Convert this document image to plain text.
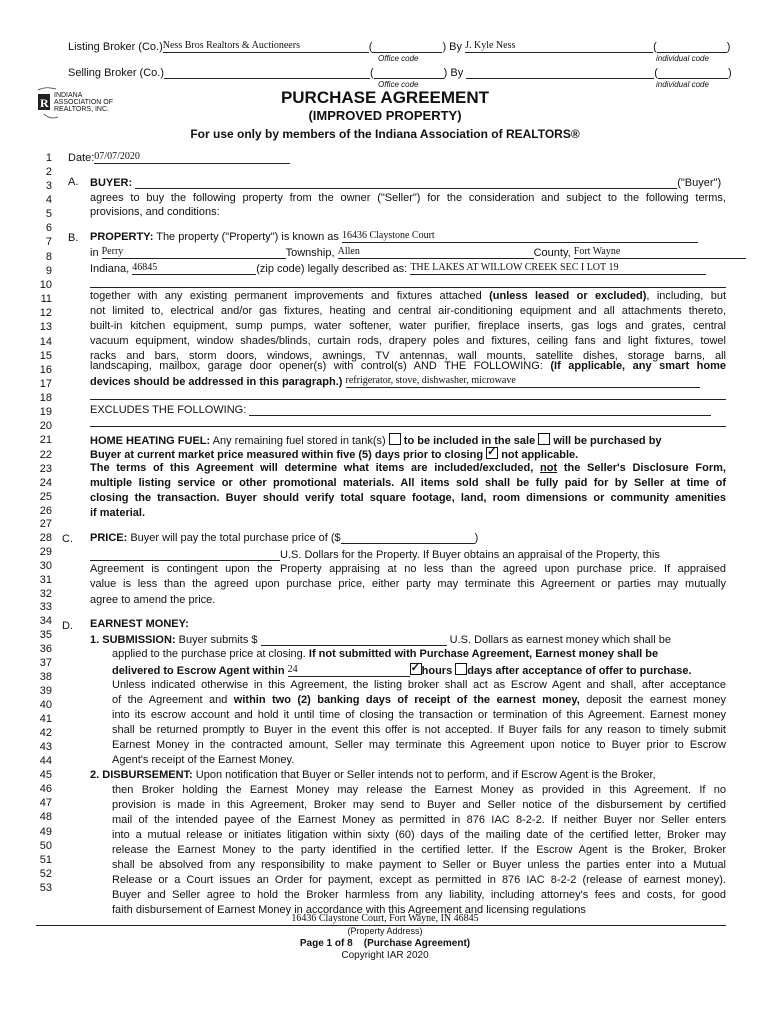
Listing Broker (Co.)Ness Bros Realtors & Auctioneers	(	) By J. Kyle Ness	(	)
Office code	individual code
Selling Broker (Co.)	(	) By	(	)
Office code	individual code
R
INDIANA
ASSOCIATION OF
REALTORS, INC.
PURCHASE AGREEMENT
(IMPROVED PROPERTY)
For use only by members of the Indiana Association of REALTORS®
1
2
3
4
5
6
7
8
9
10
11
12
13
14
15
16
17
18
19
20
21
22
23
24
25
26
27
28
29
30
31
32
33
34
35
36
37
38
39
40
41
42
43
44
45
46
47
48
49
50
51
52
53
Date:07/07/2020
A. BUYER:	("Buyer")
agrees to buy the following property from the owner ("Seller") for the consideration and subject to the following terms,
provisions, and conditions:
B. PROPERTY: The property ("Property") is known as 16436 Claystone Court
in Perry	Township, Allen	County, Fort Wayne
Indiana, 46845	(zip code) legally described as: THE LAKES AT WILLOW CREEK SEC I LOT 19
together with any existing permanent improvements and fixtures attached (unless leased or excluded), including, but
not limited to, electrical and/or gas fixtures, heating and central air-conditioning equipment and all attachments thereto,
built-in kitchen equipment, sump pumps, water softener, water purifier, fireplace inserts, gas logs and grates, central
vacuum equipment, window shades/blinds, curtain rods, drapery poles and fixtures, ceiling fans and light fixtures, towel
racks and bars, storm doors, windows, awnings, TV antennas, wall mounts, satellite dishes, storage barns, all
landscaping, mailbox, garage door opener(s) with control(s) AND THE FOLLOWING: (If applicable, any smart home
devices should be addressed in this paragraph.) refrigerator, stove, dishwasher, microwave
EXCLUDES THE FOLLOWING:
HOME HEATING FUEL: Any remaining fuel stored in tank(s) to be included in the sale will be purchased by
Buyer at current market price measured within five (5) days prior to closing ✓ not applicable.
The terms of this Agreement will determine what items are included/excluded, not the Seller's Disclosure Form,
multiple listing service or other promotional materials. All items sold shall be fully paid for by Seller at time of
closing the transaction. Buyer should verify total square footage, land, room dimensions or community amenities
if material.
C. PRICE: Buyer will pay the total purchase price of ($	)
U.S. Dollars for the Property. If Buyer obtains an appraisal of the Property, this
Agreement is contingent upon the Property appraising at no less than the agreed upon purchase price. If appraised
value is less than the agreed upon purchase price, either party may terminate this Agreement or parties may mutually
agree to amend the price.
D. EARNEST MONEY:
1. SUBMISSION: Buyer submits $	U.S. Dollars as earnest money which shall be
applied to the purchase price at closing. If not submitted with Purchase Agreement, Earnest money shall be
delivered to Escrow Agent within 24 ✓	hours days after acceptance of offer to purchase.
Unless indicated otherwise in this Agreement, the listing broker shall act as Escrow Agent and shall, after acceptance
of the Agreement and within two (2) banking days of receipt of the earnest money, deposit the earnest money
into its escrow account and hold it until time of closing the transaction or termination of this Agreement. Earnest money
shall be returned promptly to Buyer in the event this offer is not accepted. If Buyer fails for any reason to timely submit
Earnest Money in the contracted amount, Seller may terminate this Agreement upon notice to Buyer prior to Escrow
Agent's receipt of the Earnest Money.
2. DISBURSEMENT: Upon notification that Buyer or Seller intends not to perform, and if Escrow Agent is the Broker,
then Broker holding the Earnest Money may release the Earnest Money as provided in this Agreement. If no
provision is made in this Agreement, Broker may send to Buyer and Seller notice of the disbursement by certified
mail of the intended payee of the Earnest Money as permitted in 876 IAC 8-2-2. If neither Buyer nor Seller enters
into a mutual release or initiates litigation within sixty (60) days of the mailing date of the certified letter, Broker may
release the Earnest Money to the party identified in the certified letter. If the Escrow Agent is the Broker, Broker
shall be absolved from any responsibility to make payment to Seller or Buyer unless the parties enter into a Mutual
Release or a Court issues an Order for payment, except as permitted in 876 IAC 8-2-2 (release of earnest money).
Buyer and Seller agree to hold the Broker harmless from any liability, including attorney's fees and costs, for good
faith disbursement of Earnest Money in accordance with this Agreement and licensing regulations
16436 Claystone Court, Fort Wayne, IN 46845
(Property Address)
Page 1 of 8    (Purchase Agreement)
Copyright IAR 2020
